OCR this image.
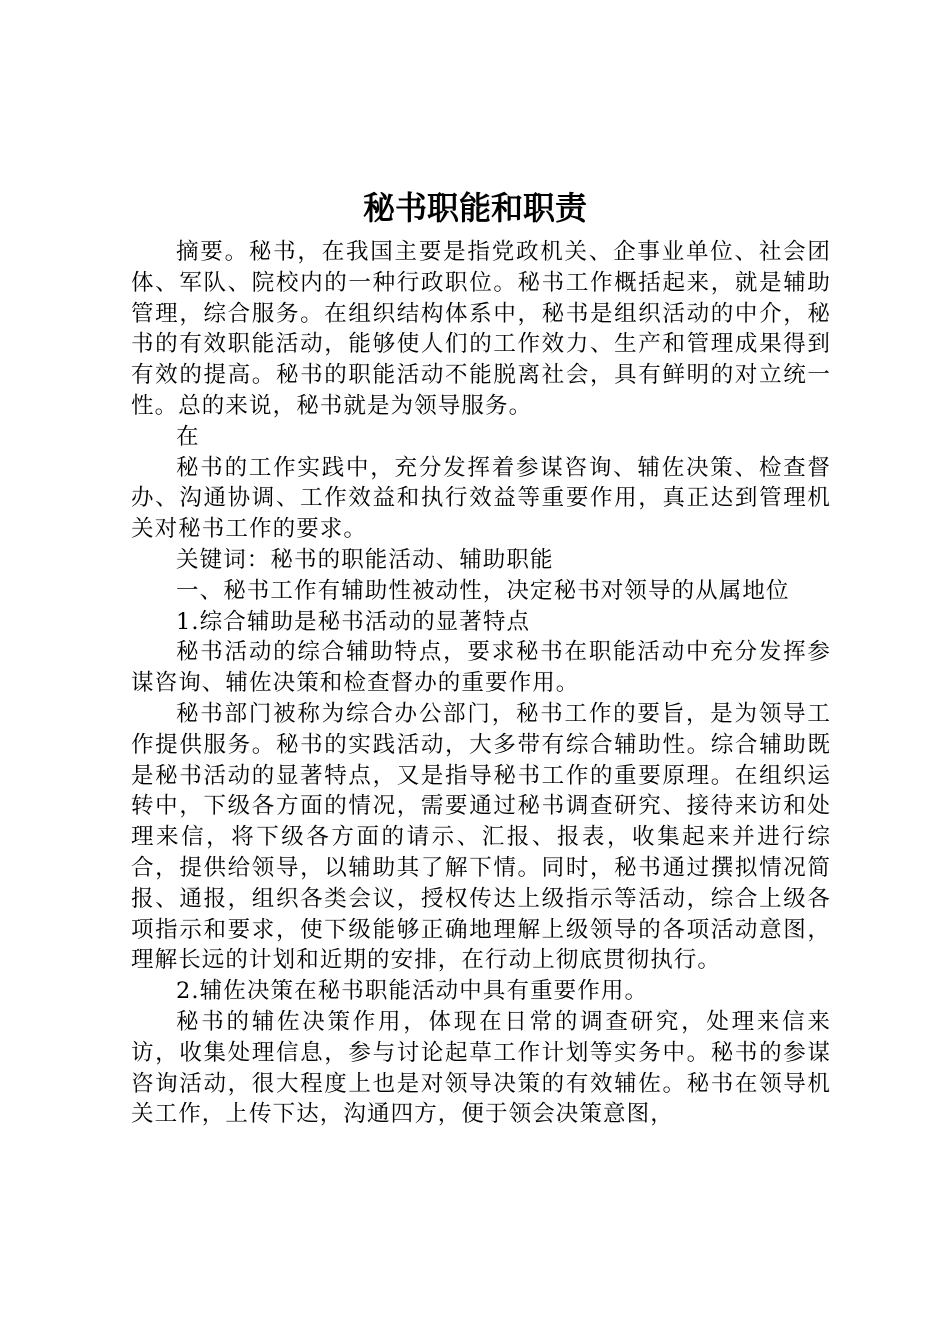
秘书职能和职责

摘要。秘书，在我国主要是指党政机关、企事业单位、社会团体、军队、院校内的一种行政职位。秘书工作概括起来，就是辅助管理，综合服务。在组织结构体系中，秘书是组织活动的中介，秘书的有效职能活动，能够使人们的工作效力、生产和管理成果得到有效的提高。秘书的职能活动不能脱离社会，具有鲜明的对立统一性。总的来说，秘书就是为领导服务。

在

秘书的工作实践中，充分发挥着参谋咨询、辅佐决策、检查督办、沟通协调、工作效益和执行效益等重要作用，真正达到管理机关对秘书工作的要求。

关键词：秘书的职能活动、辅助职能

一、秘书工作有辅助性被动性，决定秘书对领导的从属地位

1.综合辅助是秘书活动的显著特点

秘书活动的综合辅助特点，要求秘书在职能活动中充分发挥参谋咨询、辅佐决策和检查督办的重要作用。

秘书部门被称为综合办公部门，秘书工作的要旨，是为领导工作提供服务。秘书的实践活动，大多带有综合辅助性。综合辅助既是秘书活动的显著特点，又是指导秘书工作的重要原理。在组织运转中，下级各方面的情况，需要通过秘书调查研究、接待来访和处理来信，将下级各方面的请示、汇报、报表，收集起来并进行综合，提供给领导，以辅助其了解下情。同时，秘书通过撰拟情况简报、通报，组织各类会议，授权传达上级指示等活动，综合上级各项指示和要求，使下级能够正确地理解上级领导的各项活动意图，理解长远的计划和近期的安排，在行动上彻底贯彻执行。

2.辅佐决策在秘书职能活动中具有重要作用。

秘书的辅佐决策作用，体现在日常的调查研究，处理来信来访，收集处理信息，参与讨论起草工作计划等实务中。秘书的参谋咨询活动，很大程度上也是对领导决策的有效辅佐。秘书在领导机关工作，上传下达，沟通四方，便于领会决策意图，
